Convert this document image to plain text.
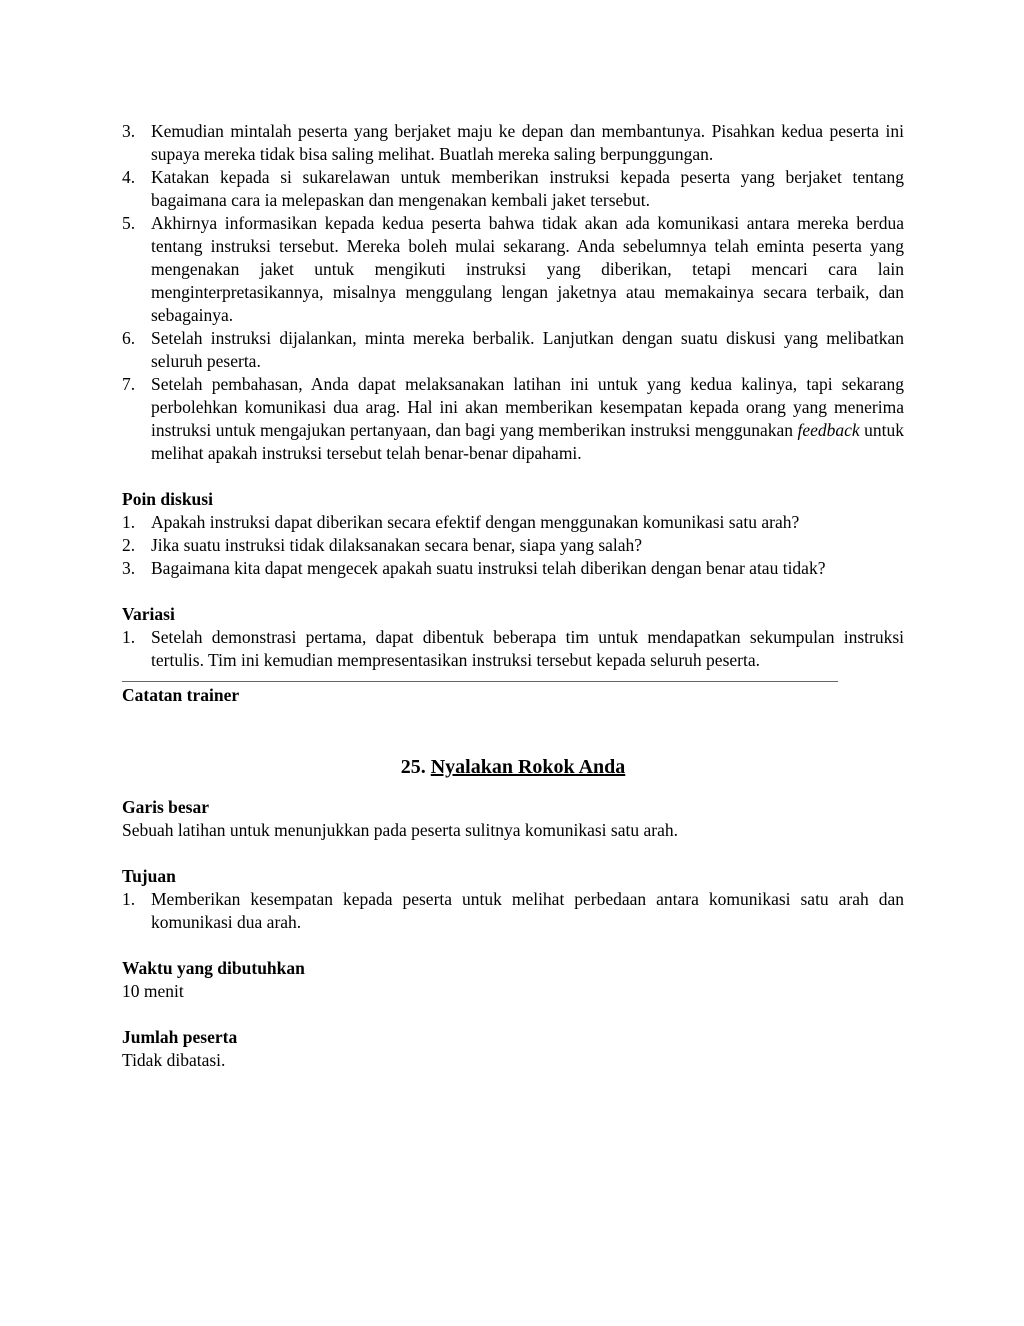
3. Kemudian mintalah peserta yang berjaket maju ke depan dan membantunya. Pisahkan kedua peserta ini supaya mereka tidak bisa saling melihat. Buatlah mereka saling berpunggungan.
4. Katakan kepada si sukarelawan untuk memberikan instruksi kepada peserta yang berjaket tentang bagaimana cara ia melepaskan dan mengenakan kembali jaket tersebut.
5. Akhirnya informasikan kepada kedua peserta bahwa tidak akan ada komunikasi antara mereka berdua tentang instruksi tersebut. Mereka boleh mulai sekarang. Anda sebelumnya telah eminta peserta yang mengenakan jaket untuk mengikuti instruksi yang diberikan, tetapi mencari cara lain menginterpretasikannya, misalnya menggulang lengan jaketnya atau memakainya secara terbaik, dan sebagainya.
6. Setelah instruksi dijalankan, minta mereka berbalik. Lanjutkan dengan suatu diskusi yang melibatkan seluruh peserta.
7. Setelah pembahasan, Anda dapat melaksanakan latihan ini untuk yang kedua kalinya, tapi sekarang perbolehkan komunikasi dua arag. Hal ini akan memberikan kesempatan kepada orang yang menerima instruksi untuk mengajukan pertanyaan, dan bagi yang memberikan instruksi menggunakan feedback untuk melihat apakah instruksi tersebut telah benar-benar dipahami.
Poin diskusi
1. Apakah instruksi dapat diberikan secara efektif dengan menggunakan komunikasi satu arah?
2. Jika suatu instruksi tidak dilaksanakan secara benar, siapa yang salah?
3. Bagaimana kita dapat mengecek apakah suatu instruksi telah diberikan dengan benar atau tidak?
Variasi
1. Setelah demonstrasi pertama, dapat dibentuk beberapa tim untuk mendapatkan sekumpulan instruksi tertulis. Tim ini kemudian mempresentasikan instruksi tersebut kepada seluruh peserta.
Catatan trainer
25. Nyalakan Rokok Anda
Garis besar

Sebuah latihan untuk menunjukkan pada peserta sulitnya komunikasi satu arah.

Tujuan
1. Memberikan kesempatan kepada peserta untuk melihat perbedaan antara komunikasi satu arah dan komunikasi dua arah.
Waktu yang dibutuhkan

10 menit

Jumlah peserta

Tidak dibatasi.
